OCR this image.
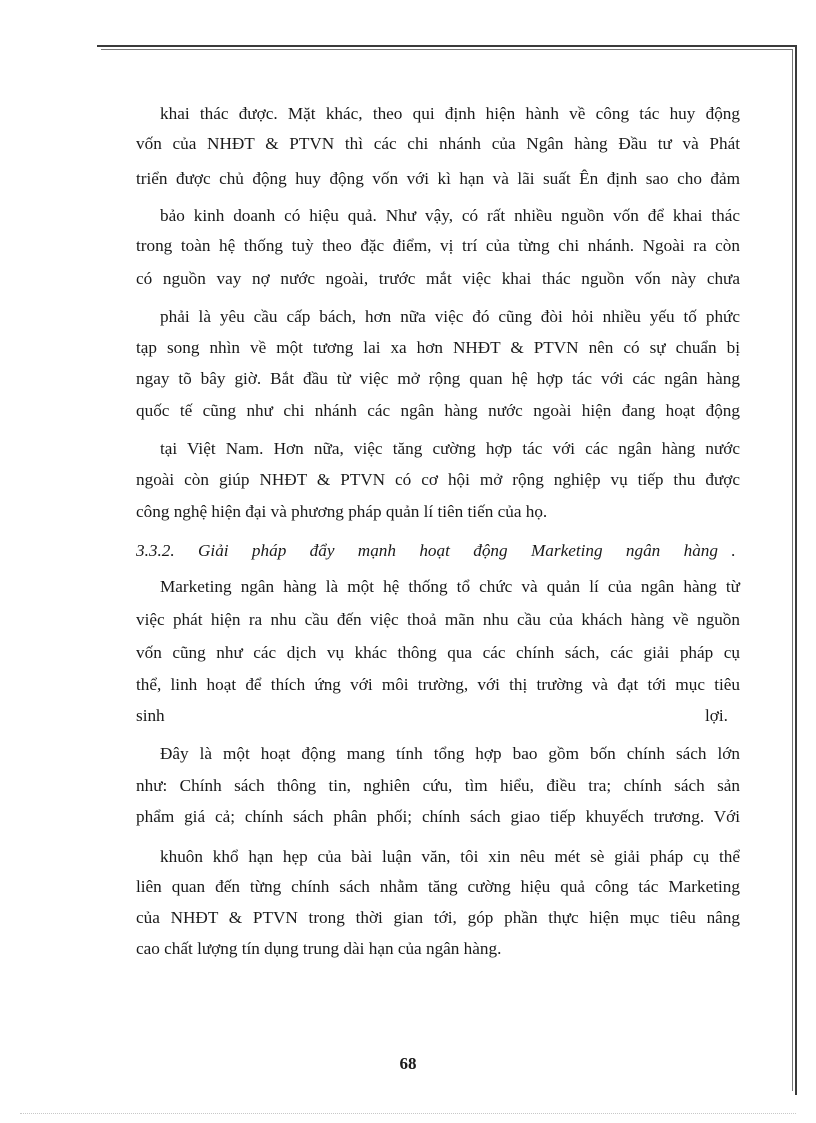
khai thác được. Mặt khác, theo qui định hiện hành về công tác huy động
vốn của NHĐT & PTVN thì các chi nhánh của Ngân hàng Đầu tư và Phát
triển được chủ động huy động vốn với kì hạn và lãi suất Ên định sao cho đảm
bảo kinh doanh có hiệu quả. Như vậy, có rất nhiều nguồn vốn để khai thác
trong toàn hệ thống tuỳ theo đặc điểm, vị trí của từng chi nhánh. Ngoài ra còn
có nguồn vay nợ nước ngoài, trước mắt việc khai thác nguồn vốn này chưa
phải là yêu cầu cấp bách, hơn nữa việc đó cũng đòi hỏi nhiều yếu tố phức
tạp song nhìn về một tương lai xa hơn NHĐT & PTVN nên có sự chuẩn bị
ngay tõ bây giờ. Bắt đầu từ việc mở rộng quan hệ hợp tác với các ngân hàng
quốc tế cũng như chi nhánh các ngân hàng nước ngoài hiện đang hoạt động
tại Việt Nam. Hơn nữa, việc tăng cường hợp tác với các ngân hàng nước
ngoài còn giúp NHĐT & PTVN có cơ hội mở rộng nghiệp vụ tiếp thu được
công nghệ hiện đại và phương pháp quản lí tiên tiến của họ.
3.3.2. Giải pháp đẩy mạnh hoạt động Marketing ngân hàng .
Marketing ngân hàng là một hệ thống tổ chức và quản lí của ngân hàng từ
việc phát hiện ra nhu cầu đến việc thoả mãn nhu cầu của khách hàng về nguồn
vốn cũng như các dịch vụ khác thông qua các chính sách, các giải pháp cụ
thể, linh hoạt để thích ứng với môi trường, với thị trường và đạt tới mục tiêu
sinh	lợi.
Đây là một hoạt động mang tính tổng hợp bao gồm bốn chính sách lớn
như: Chính sách thông tin, nghiên cứu, tìm hiểu, điều tra; chính sách sản
phẩm giá cả; chính sách phân phối; chính sách giao tiếp khuyếch trương. Với
khuôn khổ hạn hẹp của bài luận văn, tôi xin nêu mét sè giải pháp cụ thể
liên quan đến từng chính sách nhằm tăng cường hiệu quả công tác Marketing
của NHĐT & PTVN trong thời gian tới, góp phần thực hiện mục tiêu nâng
cao chất lượng tín dụng trung dài hạn của ngân hàng.
68
